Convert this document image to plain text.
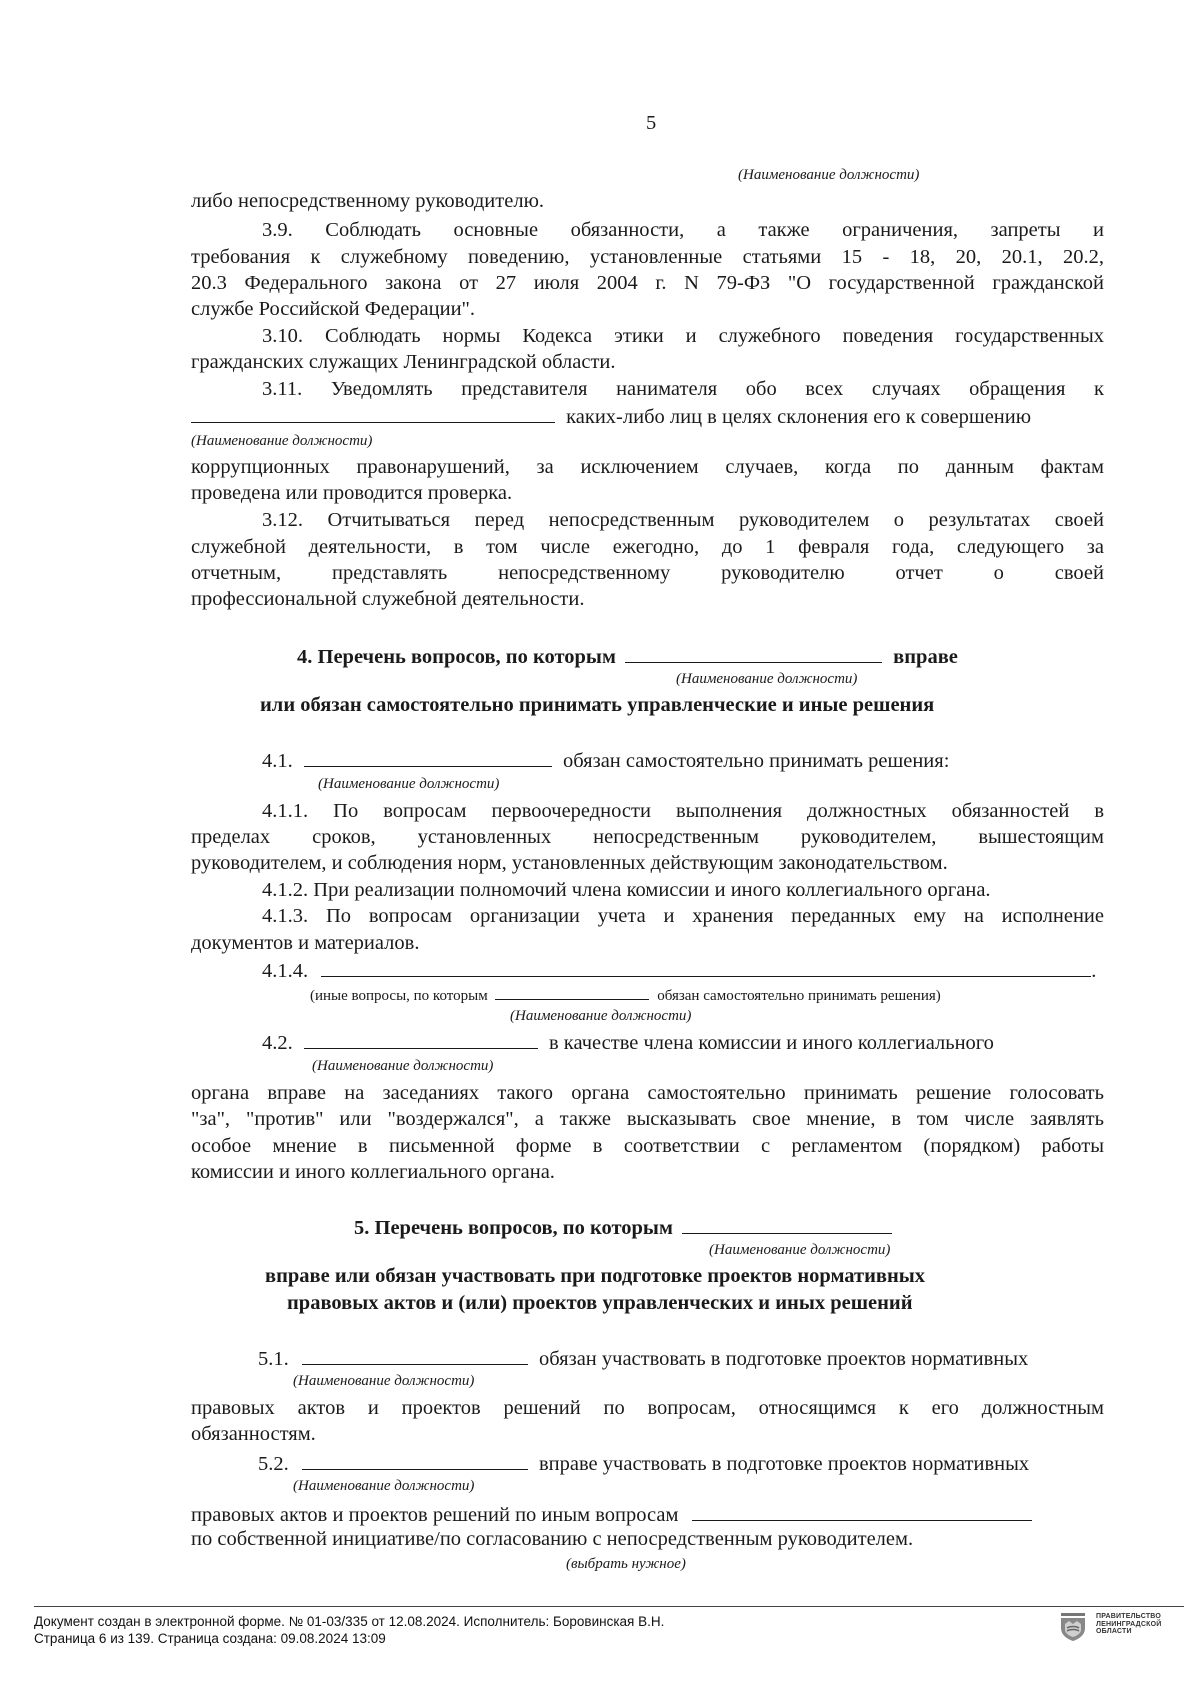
5
(Наименование должности)
либо непосредственному руководителю.
3.9. Соблюдать основные обязанности, а также ограничения, запреты и
требования к служебному поведению, установленные статьями 15 - 18, 20, 20.1, 20.2,
20.3 Федерального закона от 27 июля 2004 г. N 79-ФЗ "О государственной гражданской
службе Российской Федерации".
3.10. Соблюдать нормы Кодекса этики и служебного поведения государственных
гражданских служащих Ленинградской области.
3.11. Уведомлять представителя нанимателя обо всех случаях обращения к
каких-либо лиц в целях склонения его к совершению
(Наименование должности)
коррупционных правонарушений, за исключением случаев, когда по данным фактам
проведена или проводится проверка.
3.12. Отчитываться перед непосредственным руководителем о результатах своей
служебной деятельности, в том числе ежегодно, до 1 февраля года, следующего за
отчетным, представлять непосредственному руководителю отчет о своей
профессиональной служебной деятельности.
4. Перечень вопросов, по которым	вправе
(Наименование должности)
или обязан самостоятельно принимать управленческие и иные решения
4.1.	обязан самостоятельно принимать решения:
(Наименование должности)
4.1.1. По вопросам первоочередности выполнения должностных обязанностей в
пределах сроков, установленных непосредственным руководителем, вышестоящим
руководителем, и соблюдения норм, установленных действующим законодательством.
4.1.2. При реализации полномочий члена комиссии и иного коллегиального органа.
4.1.3. По вопросам организации учета и хранения переданных ему на исполнение
документов и материалов.
4.1.4.	.
(иные вопросы, по которым	обязан самостоятельно принимать решения)
(Наименование должности)
4.2.	в качестве члена комиссии и иного коллегиального
(Наименование должности)
органа вправе на заседаниях такого органа самостоятельно принимать решение голосовать
"за", "против" или "воздержался", а также высказывать свое мнение, в том числе заявлять
особое мнение в письменной форме в соответствии с регламентом (порядком) работы
комиссии и иного коллегиального органа.
5. Перечень вопросов, по которым
(Наименование должности)
вправе или обязан участвовать при подготовке проектов нормативных
правовых актов и (или) проектов управленческих и иных решений
5.1.	обязан участвовать в подготовке проектов нормативных
(Наименование должности)
правовых актов и проектов решений по вопросам, относящимся к его должностным
обязанностям.
5.2.	вправе участвовать в подготовке проектов нормативных
(Наименование должности)
правовых актов и проектов решений по иным вопросам
по собственной инициативе/по согласованию с непосредственным руководителем.
(выбрать нужное)
Документ создан в электронной форме. № 01-03/335 от 12.08.2024. Исполнитель: Боровинская В.Н.
Страница 6 из 139. Страница создана: 09.08.2024 13:09
ПРАВИТЕЛЬСТВО ЛЕНИНГРАДСКОЙ ОБЛАСТИ
